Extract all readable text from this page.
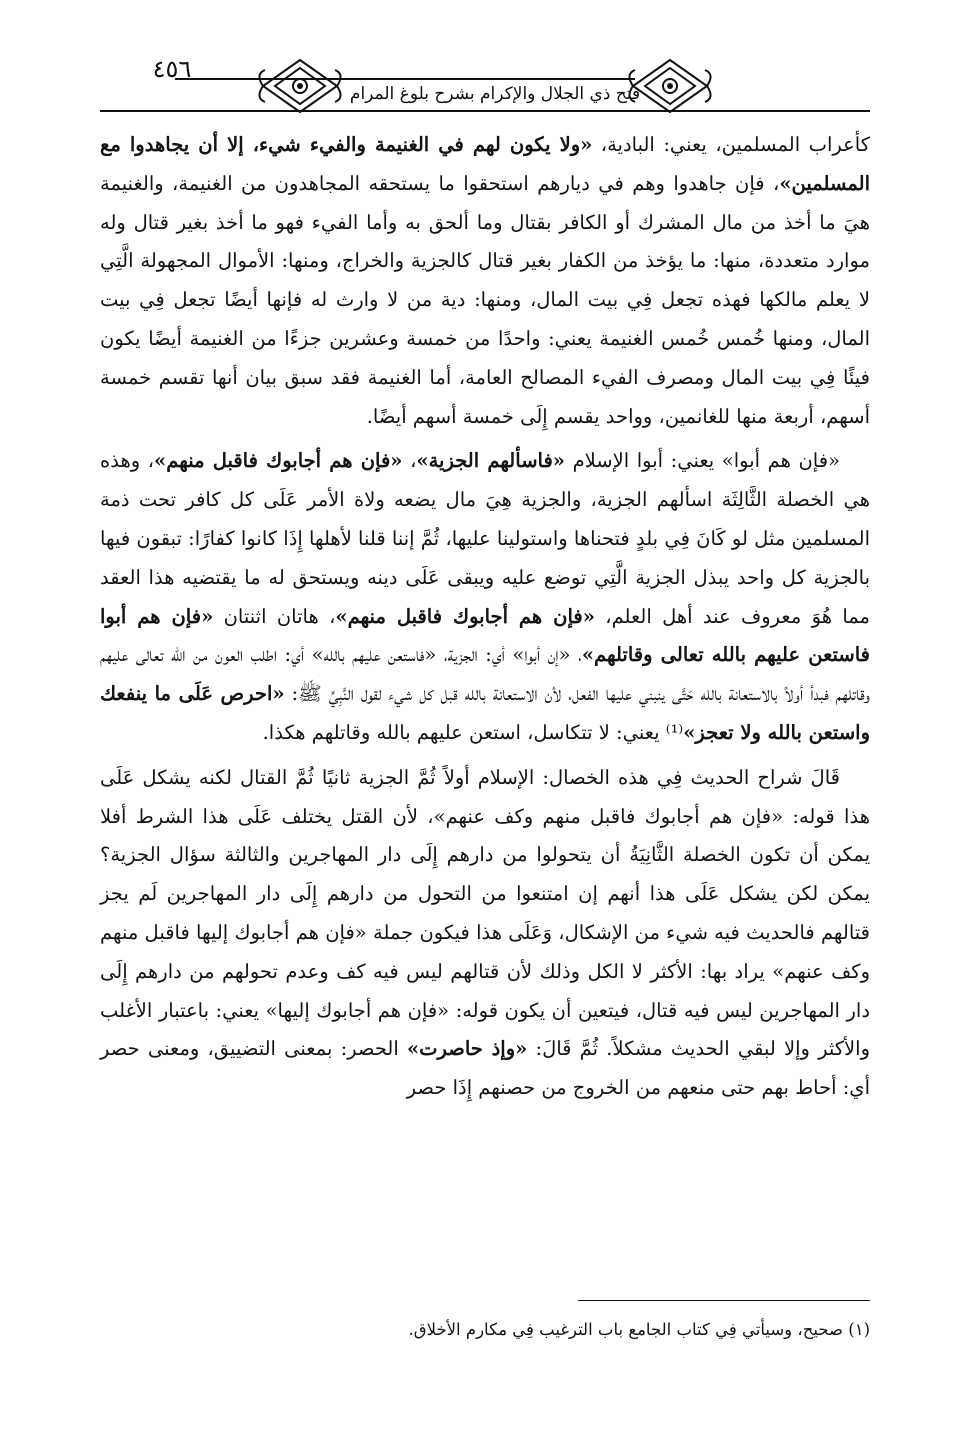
٤٥٦
فتح ذي الجلال والإكرام بشرح بلوغ المرام

كأعراب المسلمين، يعني: البادية، «ولا يكون لهم في الغنيمة والفيء شيء، إلا أن يجاهدوا مع المسلمين»، فإن جاهدوا وهم في ديارهم استحقوا ما يستحقه المجاهدون من الغنيمة، والغنيمة هيَ ما أخذ من مال المشرك أو الكافر بقتال وما ألحق به وأما الفيء فهو ما أخذ بغير قتال وله موارد متعددة، منها: ما يؤخذ من الكفار بغير قتال كالجزية والخراج، ومنها: الأموال المجهولة الَّتِي لا يعلم مالكها فهذه تجعل فِي بيت المال، ومنها: دية من لا وارث له فإنها أيضًا تجعل فِي بيت المال، ومنها خُمس خُمس الغنيمة يعني: واحدًا من خمسة وعشرين جزءًا من الغنيمة أيضًا يكون فيئًا فِي بيت المال ومصرف الفيء المصالح العامة، أما الغنيمة فقد سبق بيان أنها تقسم خمسة أسهم، أربعة منها للغانمين، وواحد يقسم إِلَى خمسة أسهم أيضًا.

«فإن هم أبوا» يعني: أبوا الإسلام «فاسألهم الجزية»، «فإن هم أجابوك فاقبل منهم»، وهذه هي الخصلة الثَّالِثَة اسألهم الجزية، والجزية هِيَ مال يضعه ولاة الأمر عَلَى كل كافر تحت ذمة المسلمين مثل لو كَانَ فِي بلدٍ فتحناها واستولينا عليها، ثُمَّ إننا قلنا لأهلها إِذَا كانوا كفارًا: تبقون فيها بالجزية كل واحد يبذل الجزية الَّتِي توضع عليه ويبقى عَلَى دينه ويستحق له ما يقتضيه هذا العقد مما هُوَ معروف عند أهل العلم، «فإن هم أجابوك فاقبل منهم»، هاتان اثنتان «فإن هم أبوا فاستعن عليهم بالله تعالى وقاتلهم»، «إن أبوا» أي: الجزية، «فاستعن عليهم بالله» أي: اطلب العون من الله تعالى عليهم وقاتلهم فبدأ أولاً بالاستعانة بالله حَتَّى ينبني عليها الفعل، لأن الاستعانة بالله قبل كل شيء لقول النَّبِيِّ ﷺ: «احرص عَلَى ما ينفعك واستعن بالله ولا تعجز»⁽¹⁾ يعني: لا تتكاسل، استعن عليهم بالله وقاتلهم هكذا.

قَالَ شراح الحديث فِي هذه الخصال: الإسلام أولاً ثُمَّ الجزية ثانيًا ثُمَّ القتال لكنه يشكل عَلَى هذا قوله: «فإن هم أجابوك فاقبل منهم وكف عنهم»، لأن القتل يختلف عَلَى هذا الشرط أفلا يمكن أن تكون الخصلة الثَّانِيَةُ أن يتحولوا من دارهم إِلَى دار المهاجرين والثالثة سؤال الجزية؟ يمكن لكن يشكل عَلَى هذا أنهم إن امتنعوا من التحول من دارهم إِلَى دار المهاجرين لَم يجز قتالهم فالحديث فيه شيء من الإشكال، وَعَلَى هذا فيكون جملة «فإن هم أجابوك إليها فاقبل منهم وكف عنهم» يراد بها: الأكثر لا الكل وذلك لأن قتالهم ليس فيه كف وعدم تحولهم من دارهم إِلَى دار المهاجرين ليس فيه قتال، فيتعين أن يكون قوله: «فإن هم أجابوك إليها» يعني: باعتبار الأغلب والأكثر وإلا لبقي الحديث مشكلاً. ثُمَّ قَالَ: «وإذ حاصرت» الحصر: بمعنى التضييق، ومعنى حصر أي: أحاط بهم حتى منعهم من الخروج من حصنهم إِذَا حصر

(١) صحيح، وسيأتي فِي كتاب الجامع باب الترغيب فِي مكارم الأخلاق.
